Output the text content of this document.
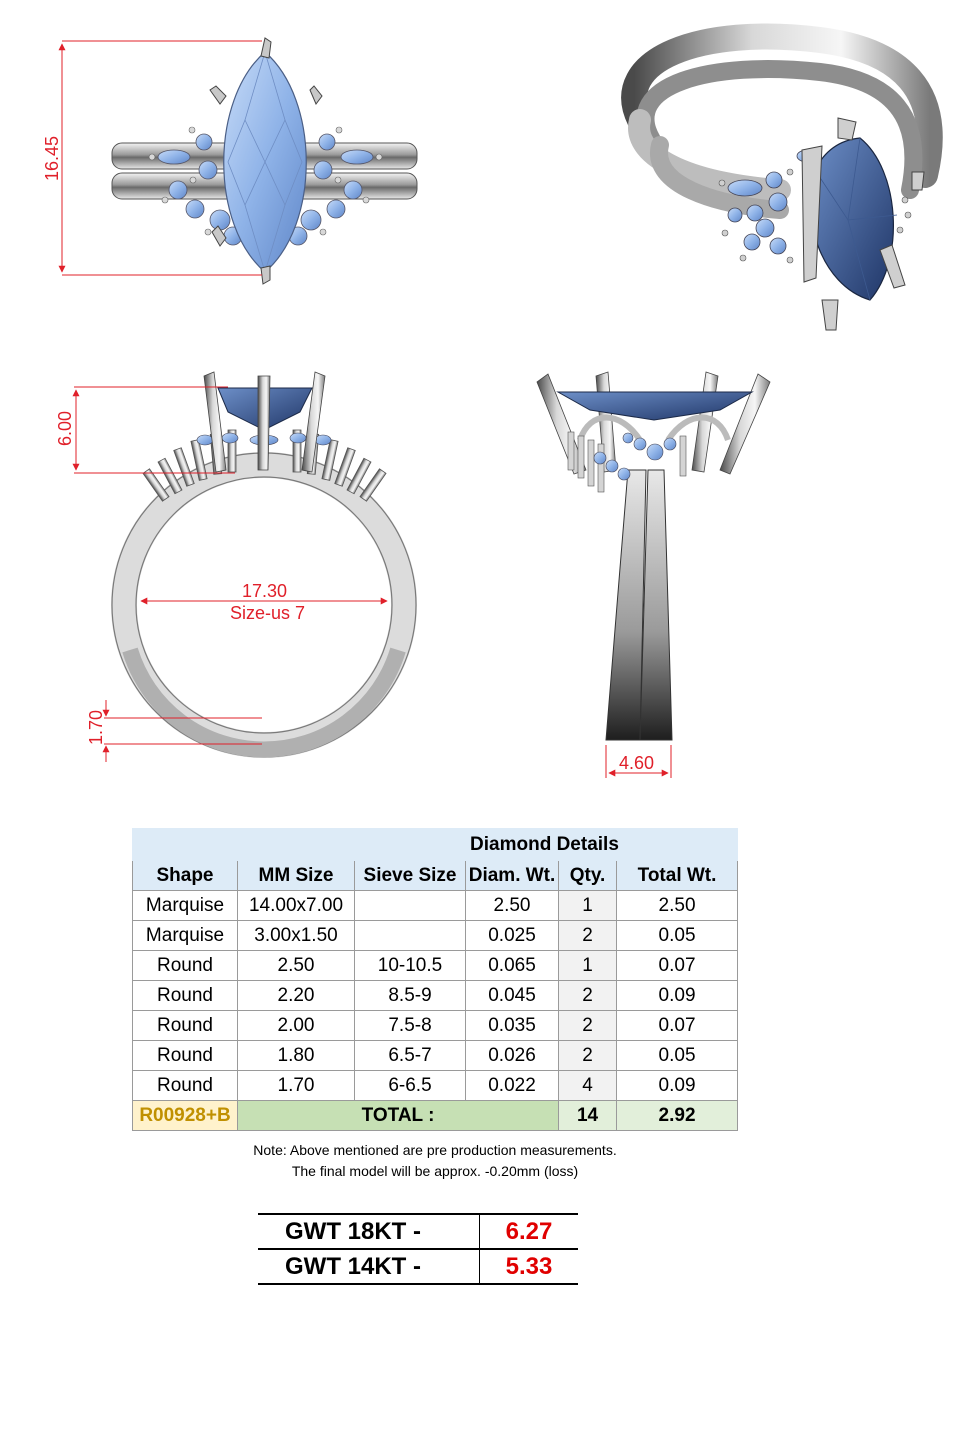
16.45
6.00
17.30
Size-us 7
1.70
4.60
			Diamond Details		
Shape	MM Size	Sieve Size	Diam. Wt.	Qty.	Total Wt.
Marquise	14.00x7.00		2.50	1	2.50
Marquise	3.00x1.50		0.025	2	0.05
Round	2.50	10-10.5	0.065	1	0.07
Round	2.20	8.5-9	0.045	2	0.09
Round	2.00	7.5-8	0.035	2	0.07
Round	1.80	6.5-7	0.026	2	0.05
Round	1.70	6-6.5	0.022	4	0.09
R00928+B	TOTAL :			14	2.92
Note: Above mentioned are pre production measurements.
The final model will be approx. -0.20mm (loss)
GWT 18KT -	6.27
GWT 14KT -	5.33
